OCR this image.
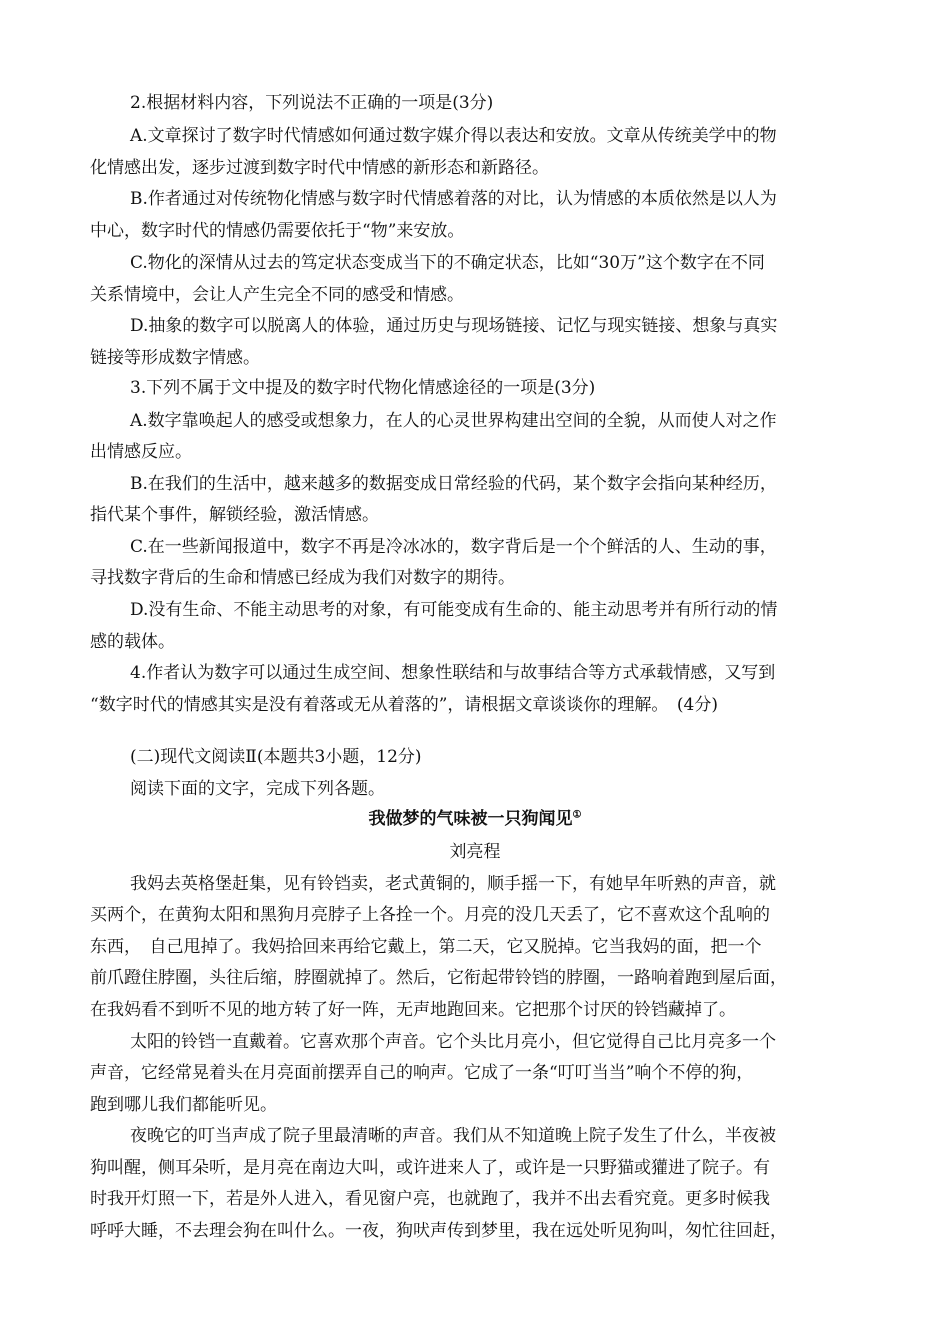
2.根据材料内容，下列说法不正确的一项是(3分)
A.文章探讨了数字时代情感如何通过数字媒介得以表达和安放。文章从传统美学中的物
化情感出发，逐步过渡到数字时代中情感的新形态和新路径。
B.作者通过对传统物化情感与数字时代情感着落的对比，认为情感的本质依然是以人为
中心，数字时代的情感仍需要依托于“物”来安放。
C.物化的深情从过去的笃定状态变成当下的不确定状态，比如“30万”这个数字在不同
关系情境中，会让人产生完全不同的感受和情感。
D.抽象的数字可以脱离人的体验，通过历史与现场链接、记忆与现实链接、想象与真实
链接等形成数字情感。
3.下列不属于文中提及的数字时代物化情感途径的一项是(3分)
A.数字靠唤起人的感受或想象力，在人的心灵世界构建出空间的全貌，从而使人对之作
出情感反应。
B.在我们的生活中，越来越多的数据变成日常经验的代码，某个数字会指向某种经历，
指代某个事件，解锁经验，激活情感。
C.在一些新闻报道中，数字不再是冷冰冰的，数字背后是一个个鲜活的人、生动的事，
寻找数字背后的生命和情感已经成为我们对数字的期待。
D.没有生命、不能主动思考的对象，有可能变成有生命的、能主动思考并有所行动的情
感的载体。
4.作者认为数字可以通过生成空间、想象性联结和与故事结合等方式承载情感，又写到
“数字时代的情感其实是没有着落或无从着落的”，请根据文章谈谈你的理解。　(4分)
(二)现代文阅读Ⅱ(本题共3小题，12分)
阅读下面的文字，完成下列各题。
我做梦的气味被一只狗闻见①
刘亮程
我妈去英格堡赶集，见有铃铛卖，老式黄铜的，顺手摇一下，有她早年听熟的声音，就
买两个，在黄狗太阳和黑狗月亮脖子上各拴一个。月亮的没几天丢了，它不喜欢这个乱响的
东西，　自己甩掉了。我妈拾回来再给它戴上，第二天，它又脱掉。它当我妈的面，把一个
前爪蹬住脖圈，头往后缩，脖圈就掉了。然后，它衔起带铃铛的脖圈，一路响着跑到屋后面，
在我妈看不到听不见的地方转了好一阵，无声地跑回来。它把那个讨厌的铃铛藏掉了。
太阳的铃铛一直戴着。它喜欢那个声音。它个头比月亮小，但它觉得自己比月亮多一个
声音，它经常晃着头在月亮面前摆弄自己的响声。它成了一条“叮叮当当”响个不停的狗，
跑到哪儿我们都能听见。
夜晚它的叮当声成了院子里最清晰的声音。我们从不知道晚上院子发生了什么，半夜被
狗叫醒，侧耳朵听，是月亮在南边大叫，或许进来人了，或许是一只野猫或獾进了院子。有
时我开灯照一下，若是外人进入，看见窗户亮，也就跑了，我并不出去看究竟。更多时候我
呼呼大睡，不去理会狗在叫什么。一夜，狗吠声传到梦里，我在远处听见狗叫，匆忙往回赶，
